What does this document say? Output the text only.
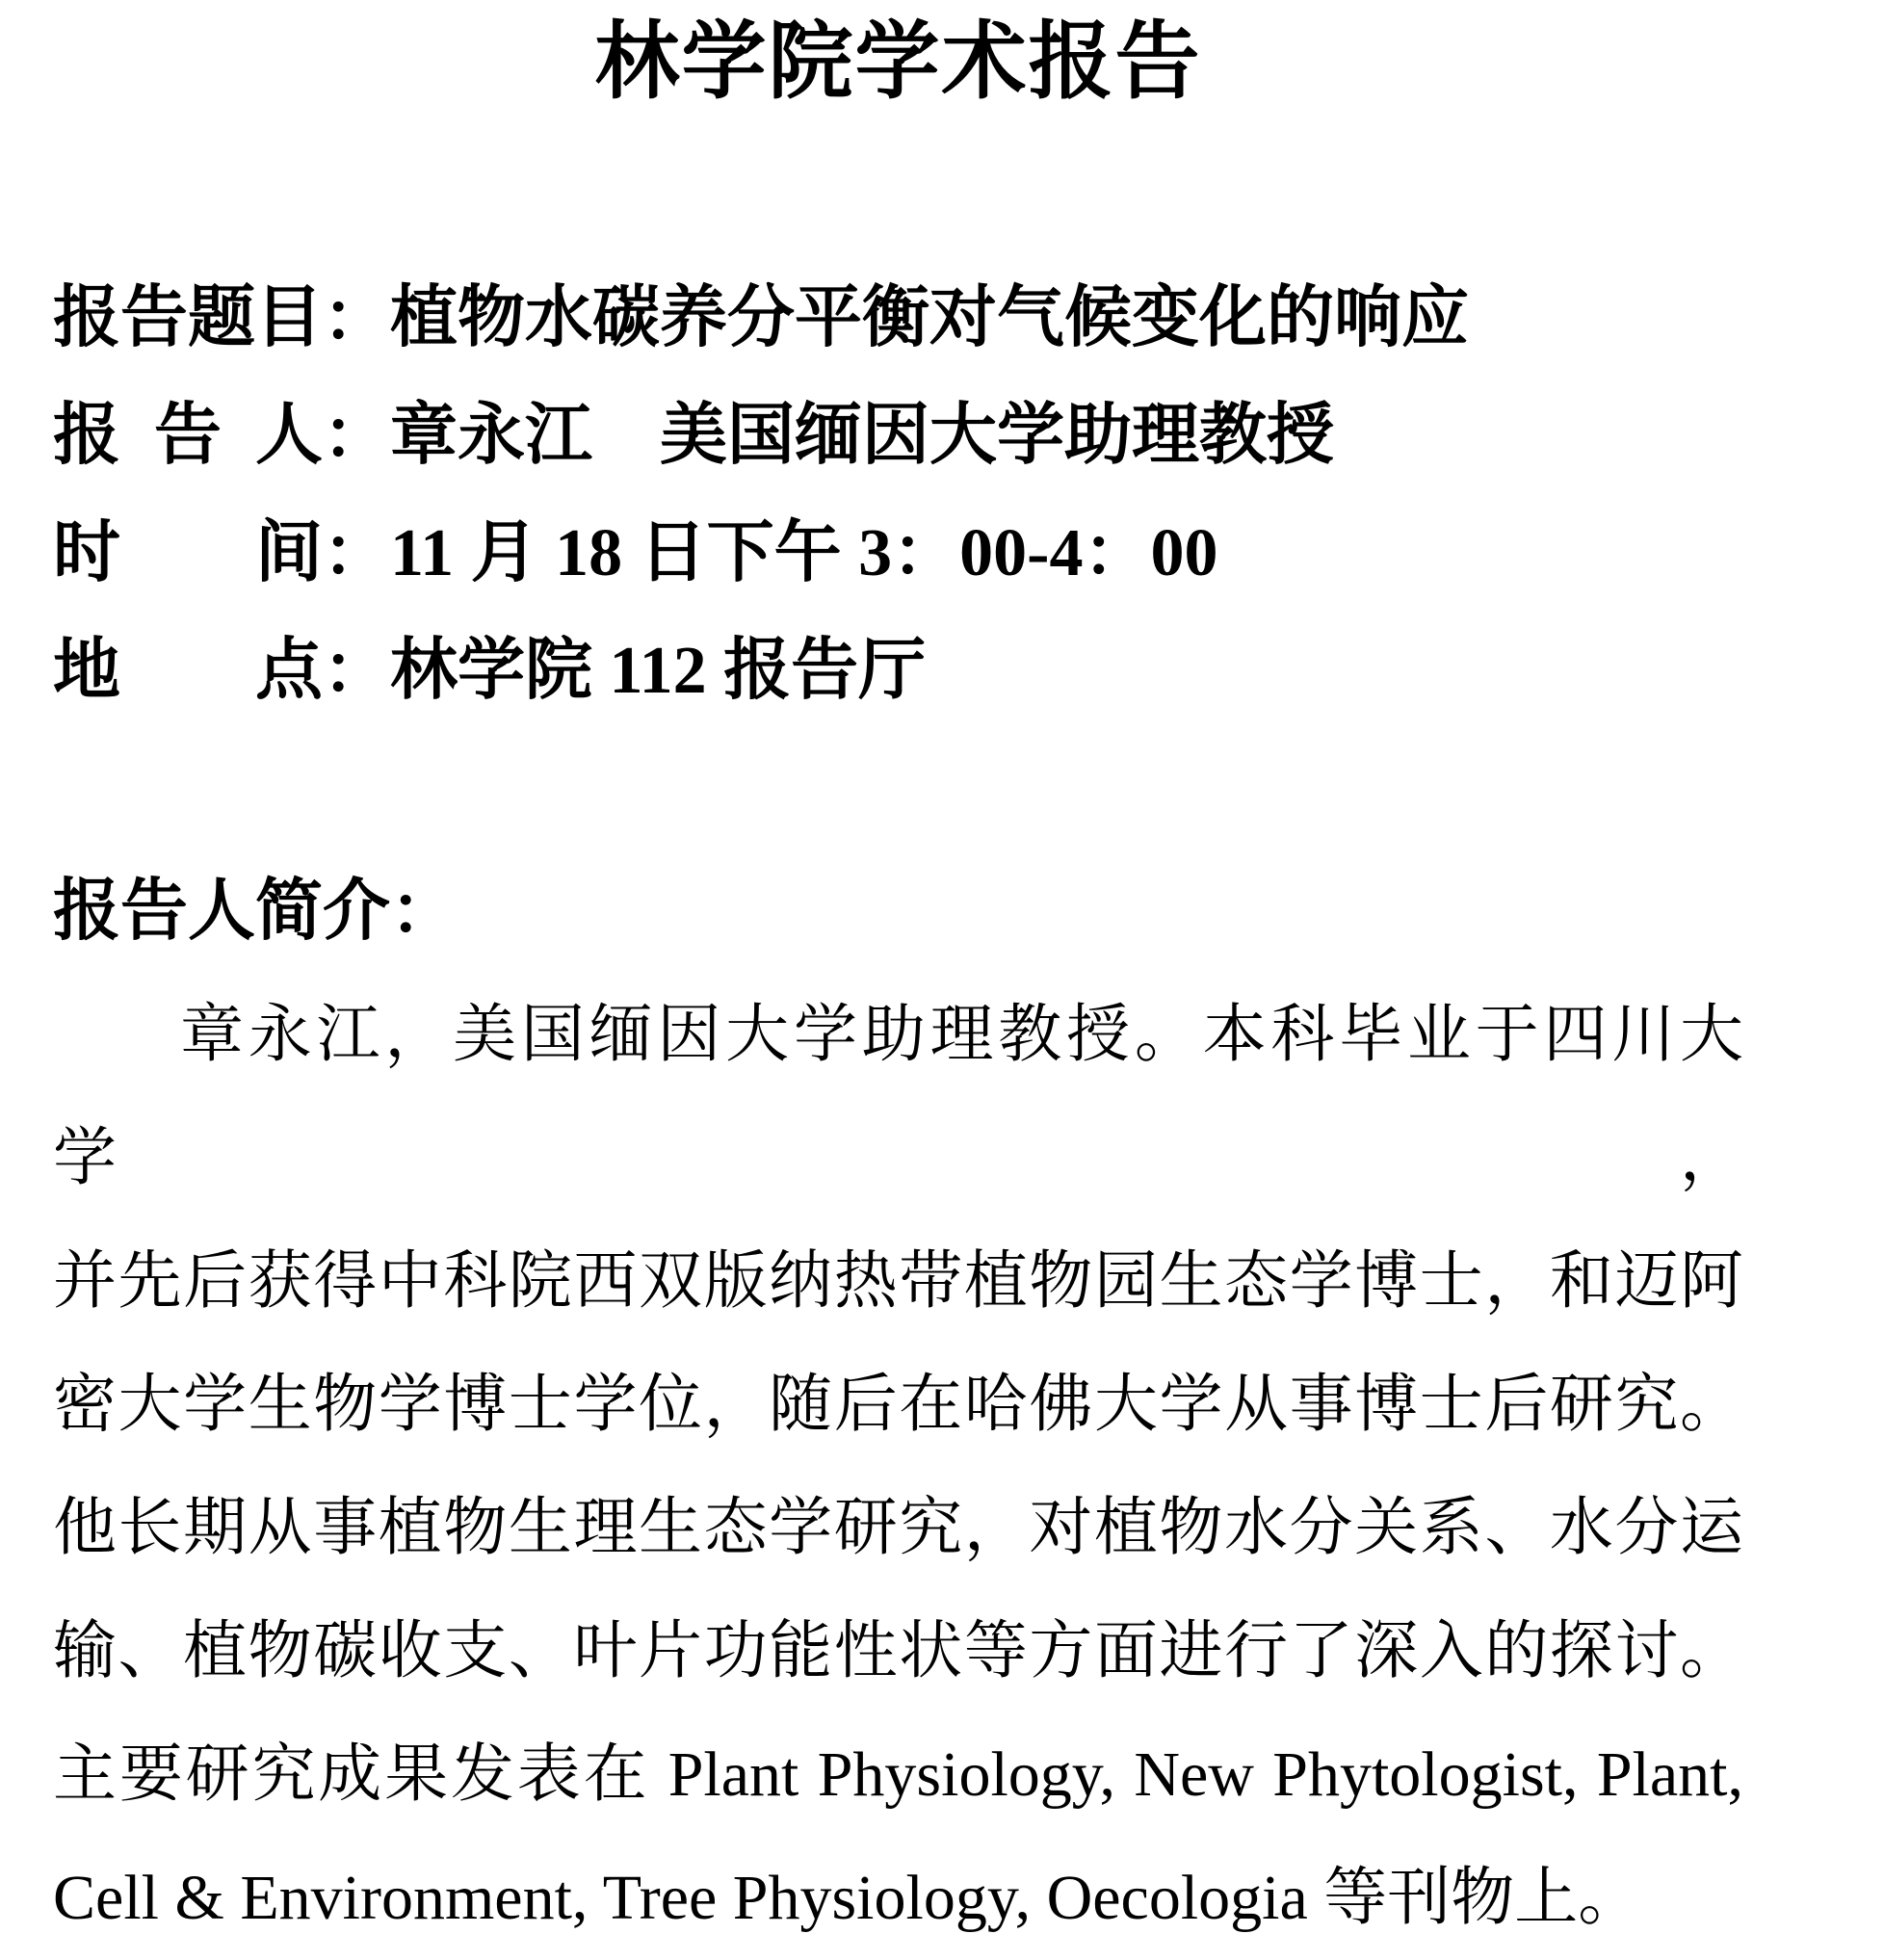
林学院学术报告
报告题目：植物水碳养分平衡对气候变化的响应
报 告 人：章永江　美国缅因大学助理教授
时　　间：11 月 18 日下午 3：00-4：00
地　　点：林学院 112 报告厅
报告人简介：
章永江，美国缅因大学助理教授。本科毕业于四川大学，
并先后获得中科院西双版纳热带植物园生态学博士，和迈阿
密大学生物学博士学位，随后在哈佛大学从事博士后研究。
他长期从事植物生理生态学研究，对植物水分关系、水分运
输、植物碳收支、叶片功能性状等方面进行了深入的探讨。
主要研究成果发表在 Plant Physiology, New Phytologist, Plant,
Cell & Environment, Tree Physiology, Oecologia 等刊物上。
